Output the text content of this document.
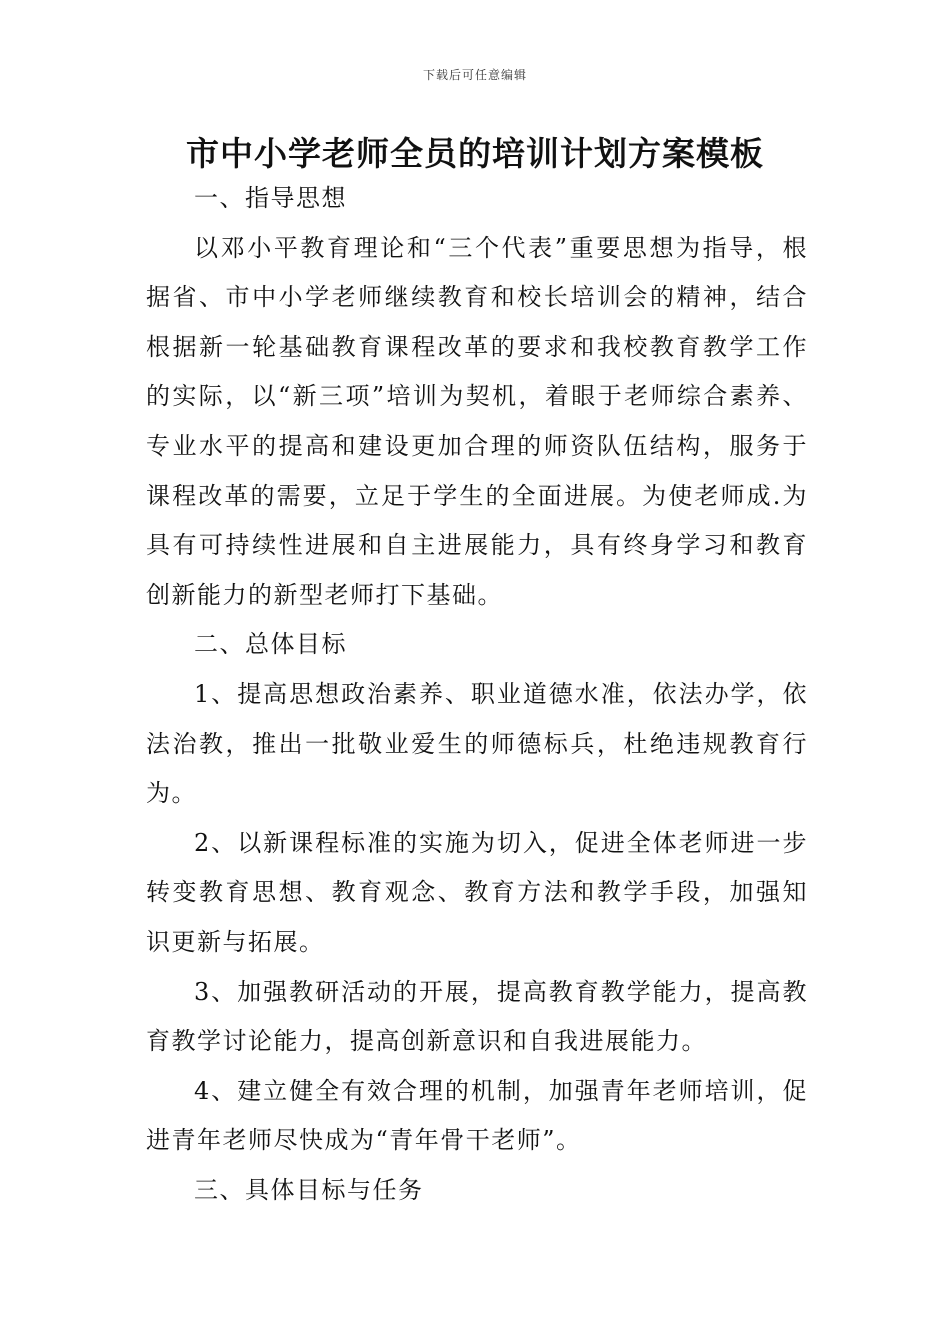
下载后可任意编辑
市中小学老师全员的培训计划方案模板

一、指导思想

以邓小平教育理论和“三个代表”重要思想为指导，根据省、市中小学老师继续教育和校长培训会的精神，结合根据新一轮基础教育课程改革的要求和我校教育教学工作的实际，以“新三项”培训为契机，着眼于老师综合素养、专业水平的提高和建设更加合理的师资队伍结构，服务于课程改革的需要，立足于学生的全面进展。为使老师成.为具有可持续性进展和自主进展能力，具有终身学习和教育创新能力的新型老师打下基础。

二、总体目标

1、提高思想政治素养、职业道德水准，依法办学，依法治教，推出一批敬业爱生的师德标兵，杜绝违规教育行为。

2、以新课程标准的实施为切入，促进全体老师进一步转变教育思想、教育观念、教育方法和教学手段，加强知识更新与拓展。

3、加强教研活动的开展，提高教育教学能力，提高教育教学讨论能力，提高创新意识和自我进展能力。

4、建立健全有效合理的机制，加强青年老师培训，促进青年老师尽快成为“青年骨干老师”。

三、具体目标与任务
